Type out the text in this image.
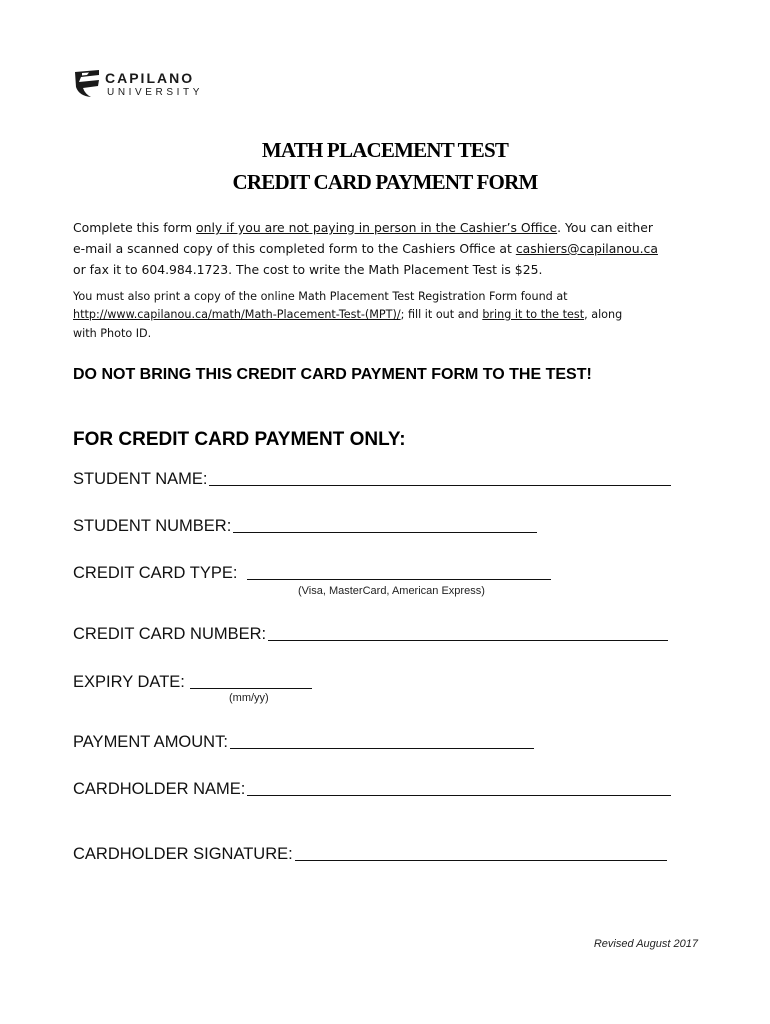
CAPILANO
UNIVERSITY
MATH PLACEMENT TEST
CREDIT CARD PAYMENT FORM
Complete this form only if you are not paying in person in the Cashier’s Office. You can either
e-mail a scanned copy of this completed form to the Cashiers Office at cashiers@capilanou.ca
or fax it to 604.984.1723. The cost to write the Math Placement Test is $25.
You must also print a copy of the online Math Placement Test Registration Form found at
http://www.capilanou.ca/math/Math-Placement-Test-(MPT)/; fill it out and bring it to the test, along
with Photo ID.
DO NOT BRING THIS CREDIT CARD PAYMENT FORM TO THE TEST!
FOR CREDIT CARD PAYMENT ONLY:
STUDENT NAME:
STUDENT NUMBER:
CREDIT CARD TYPE:
(Visa, MasterCard, American Express)
CREDIT CARD NUMBER:
EXPIRY DATE:
(mm/yy)
PAYMENT AMOUNT:
CARDHOLDER NAME:
CARDHOLDER SIGNATURE:
Revised August 2017
